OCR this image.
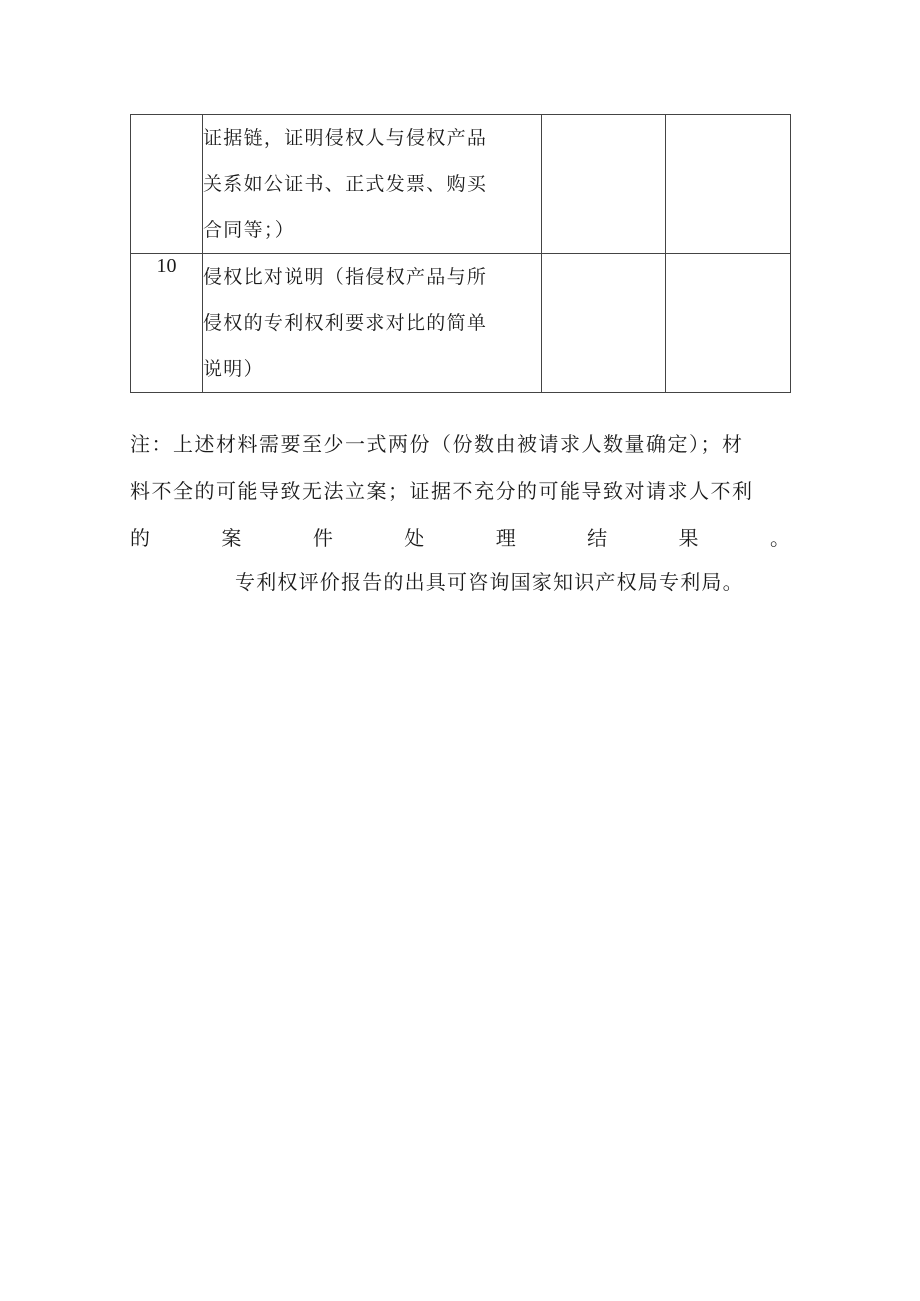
	证据链，证明侵权人与侵权产品
关系如公证书、正式发票、购买
合同等；）		

10	侵权比对说明（指侵权产品与所
侵权的专利权利要求对比的简单
说明）		

注：上述材料需要至少一式两份（份数由被请求人数量确定）；材
料不全的可能导致无法立案；证据不充分的可能导致对请求人不利
的	案	件	处	理	结	果	。
专利权评价报告的出具可咨询国家知识产权局专利局。
